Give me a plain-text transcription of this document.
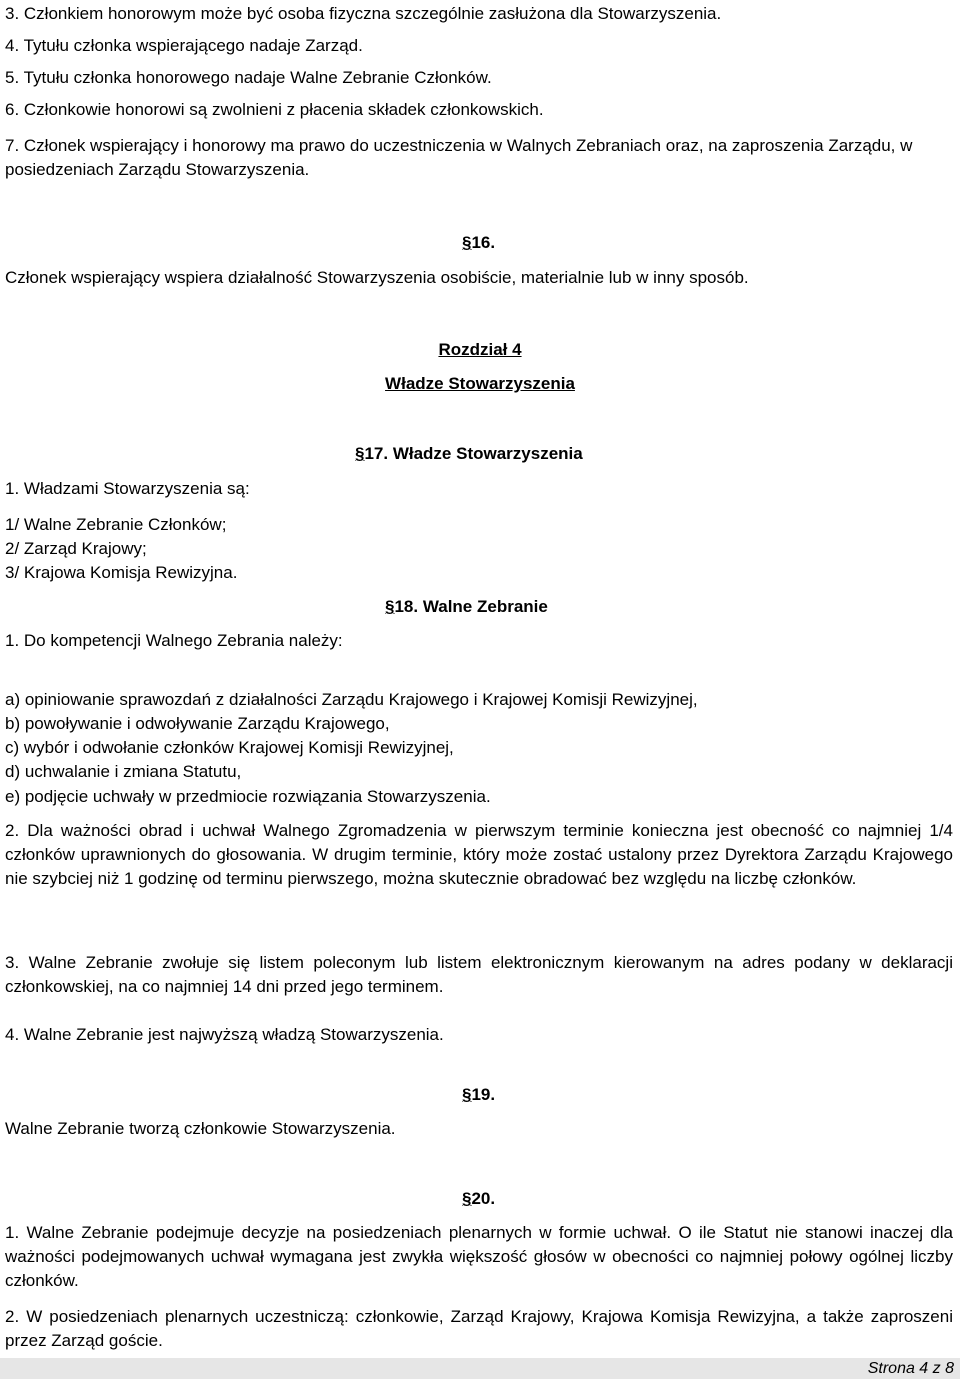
3. Członkiem honorowym może być osoba fizyczna szczególnie zasłużona dla Stowarzyszenia.
4. Tytułu członka wspierającego nadaje Zarząd.
5. Tytułu członka honorowego nadaje Walne Zebranie Członków.
6. Członkowie honorowi są zwolnieni z płacenia składek członkowskich.
7. Członek wspierający i honorowy ma prawo do uczestniczenia w Walnych Zebraniach oraz, na zaproszenia Zarządu, w
posiedzeniach Zarządu Stowarzyszenia.
§16.
Członek wspierający wspiera działalność Stowarzyszenia osobiście, materialnie lub w inny sposób.
Rozdział 4
Władze Stowarzyszenia
§17. Władze Stowarzyszenia
1. Władzami Stowarzyszenia są:
1/ Walne Zebranie Członków;
2/ Zarząd Krajowy;
3/ Krajowa Komisja Rewizyjna.
§18. Walne Zebranie
1. Do kompetencji Walnego Zebrania należy:
a) opiniowanie sprawozdań z działalności Zarządu Krajowego i Krajowej Komisji Rewizyjnej,
b) powoływanie i odwoływanie Zarządu Krajowego,
c) wybór i odwołanie członków Krajowej Komisji Rewizyjnej,
d) uchwalanie i zmiana Statutu,
e) podjęcie uchwały w przedmiocie rozwiązania Stowarzyszenia.
2. Dla ważności obrad i uchwał Walnego Zgromadzenia w pierwszym terminie konieczna jest obecność co najmniej 1/4 członków uprawnionych do głosowania. W drugim terminie, który może zostać ustalony przez Dyrektora Zarządu Krajowego nie szybciej niż 1 godzinę od terminu pierwszego, można skutecznie obradować bez względu na liczbę członków.
3. Walne Zebranie zwołuje się listem poleconym lub listem elektronicznym kierowanym na adres podany w deklaracji członkowskiej, na co najmniej 14 dni przed jego terminem.
4. Walne Zebranie jest najwyższą władzą Stowarzyszenia.
§19.
Walne Zebranie tworzą członkowie Stowarzyszenia.
§20.
1. Walne Zebranie podejmuje decyzje na posiedzeniach plenarnych w formie uchwał. O ile Statut nie stanowi inaczej dla ważności podejmowanych uchwał wymagana jest zwykła większość głosów w obecności co najmniej połowy ogólnej liczby członków.
2. W posiedzeniach plenarnych uczestniczą: członkowie, Zarząd Krajowy, Krajowa Komisja Rewizyjna, a także zaproszeni przez Zarząd goście.
Strona 4 z 8
